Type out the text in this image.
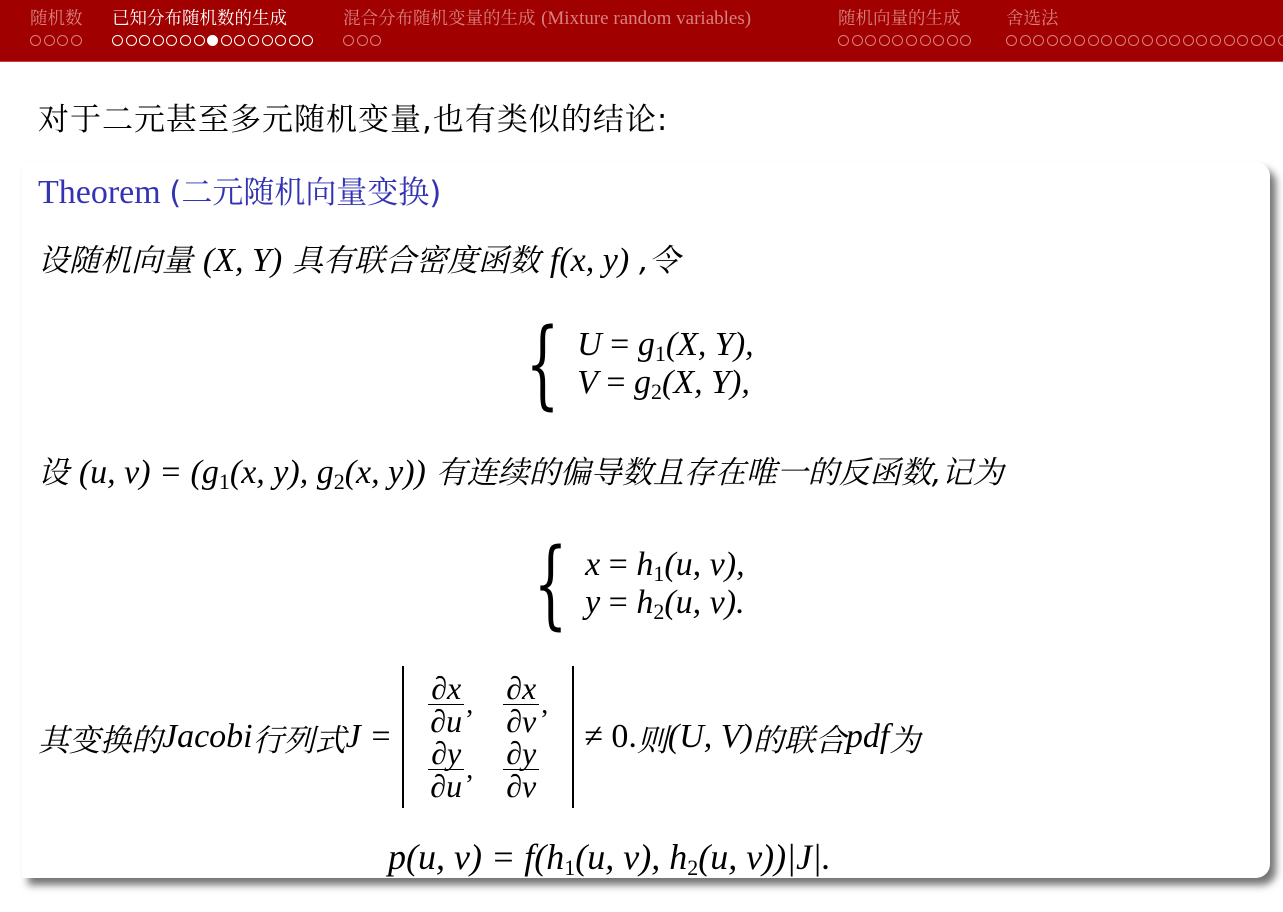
随机数 已知分布随机数的生成	混合分布随机变量的生成 (Mixture random variables)	随机向量的生成	舍选法
对于二元甚至多元随机变量,也有类似的结论:
Theorem (二元随机向量变换)
设随机向量 (X, Y) 具有联合密度函数 f(x, y) ,令
{ $U = g_1(X$, Y),
$V = g_2(X$, Y),
设 (u, $v) = (g_1(x$, y), $g_2(x$, y)) 有连续的偏导数且存在唯一的反函数,记为
{ $x = h_1(u$, v),
$y = h_2(u$, v).
其变换的 Jacobi 行列式 $J = \frac{\partial x}{\partial u}$ , $\frac{\partial x}{\partial v}$ ,
$\frac{\partial y}{\partial u}$ , $\frac{\partial y}{\partial v}$
≠ 0. 则 (U, V) 的联合 pdf 为
p(u, $v) = f(h_1(u$, v), $h_2(u$, v))|J|.
